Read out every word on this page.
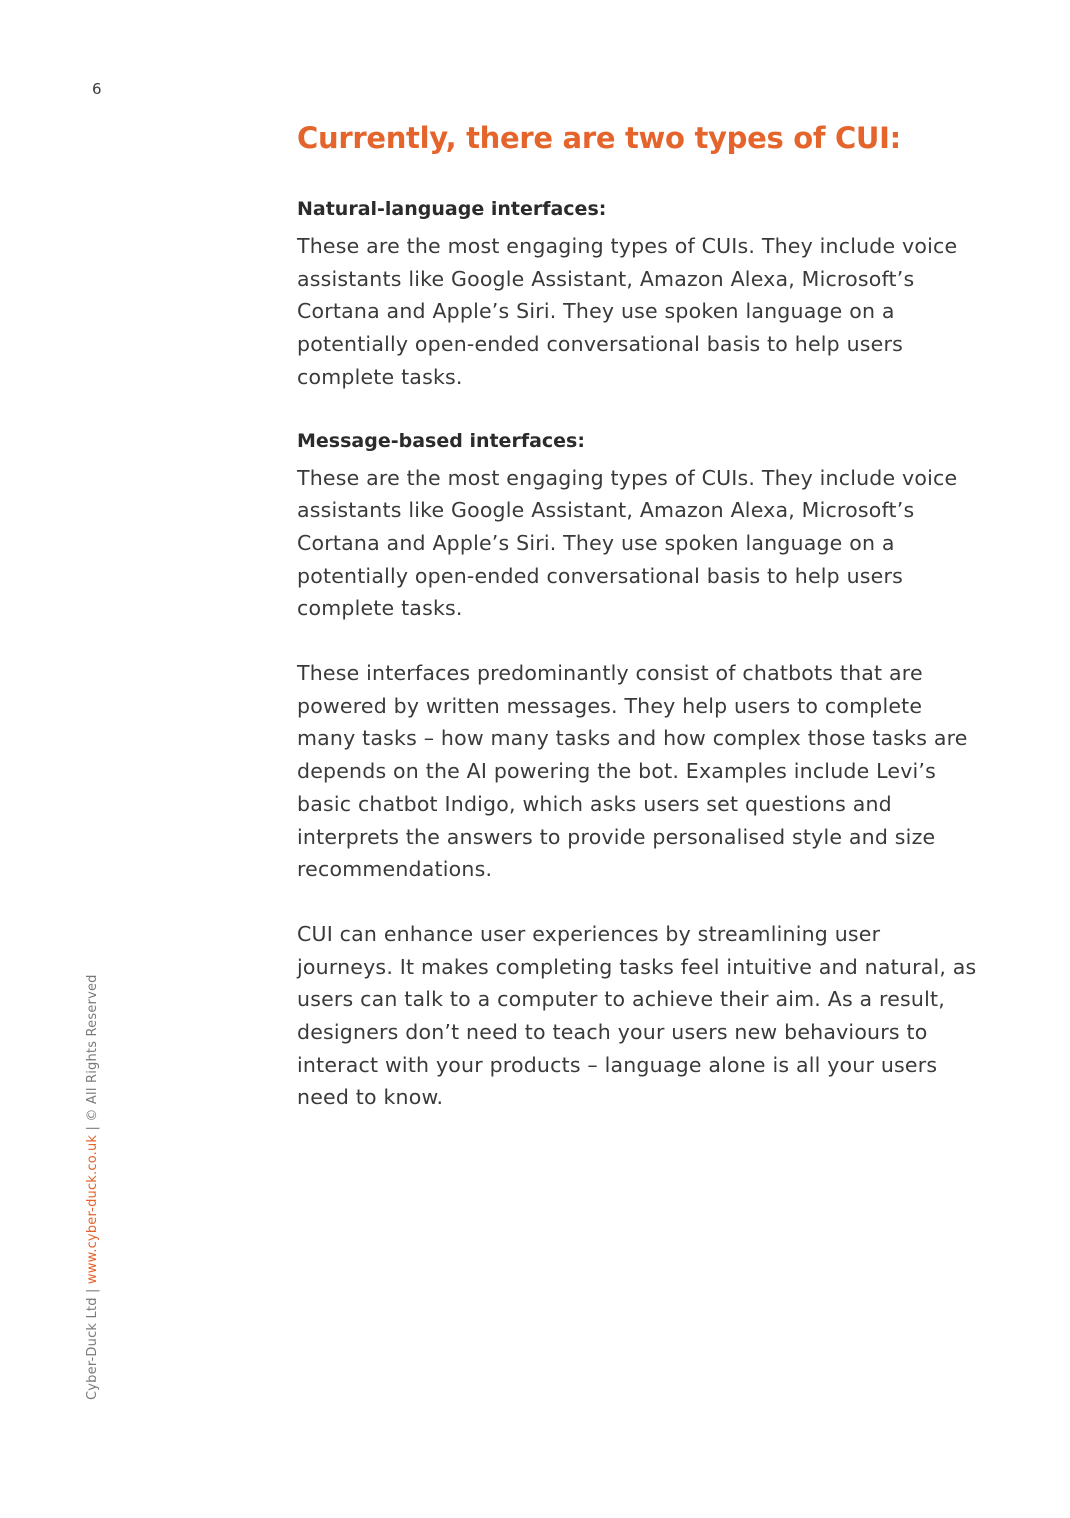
6
Currently, there are two types of CUI:
Natural-language interfaces:

These are the most engaging types of CUIs. They include voice assistants like Google Assistant, Amazon Alexa, Microsoft’s Cortana and Apple’s Siri. They use spoken language on a potentially open-ended conversational basis to help users complete tasks.

Message-based interfaces:

These are the most engaging types of CUIs. They include voice assistants like Google Assistant, Amazon Alexa, Microsoft’s Cortana and Apple’s Siri. They use spoken language on a potentially open-ended conversational basis to help users complete tasks.

These interfaces predominantly consist of chatbots that are powered by written messages. They help users to complete many tasks – how many tasks and how complex those tasks are depends on the AI powering the bot. Examples include Levi’s basic chatbot Indigo, which asks users set questions and interprets the answers to provide personalised style and size recommendations.

CUI can enhance user experiences by streamlining user journeys. It makes completing tasks feel intuitive and natural, as users can talk to a computer to achieve their aim. As a result, designers don’t need to teach your users new behaviours to interact with your products – language alone is all your users need to know.

Cyber-Duck Ltd | www.cyber-duck.co.uk | © All Rights Reserved
